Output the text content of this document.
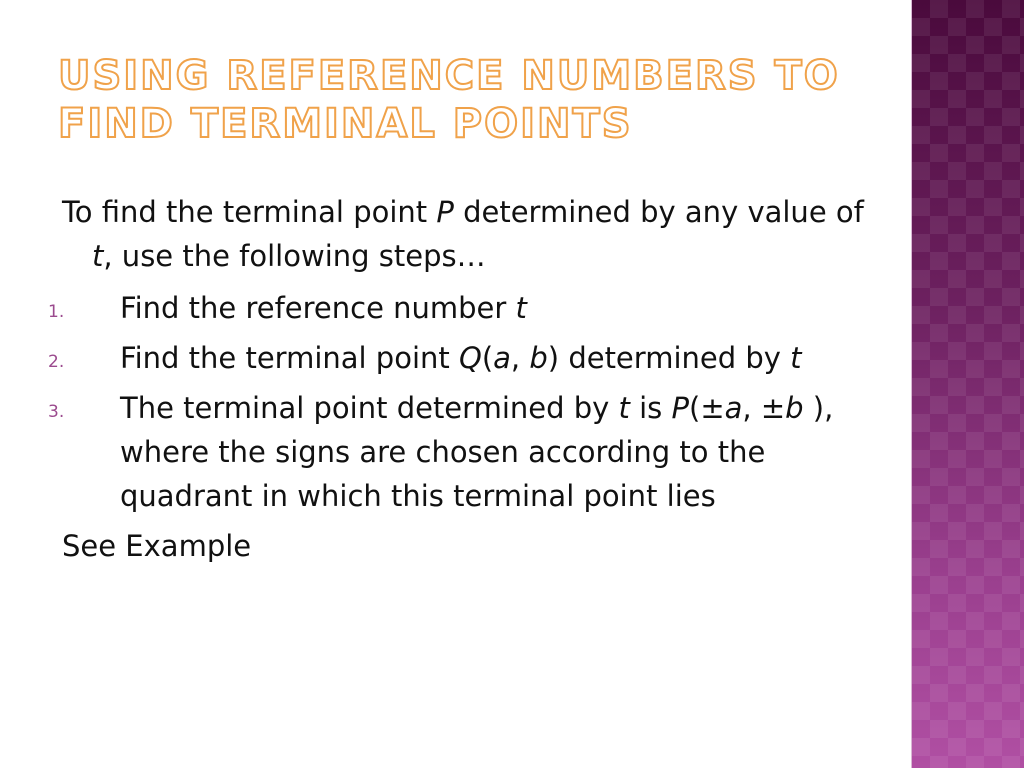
USING REFERENCE NUMBERS TO
FIND TERMINAL POINTS

To find the terminal point P determined by any value of t, use the following steps…

1. Find the reference number t
2. Find the terminal point Q(a, b) determined by t
3. The terminal point determined by t is P(±a, ±b ), where the signs are chosen according to the quadrant in which this terminal point lies

See Example
